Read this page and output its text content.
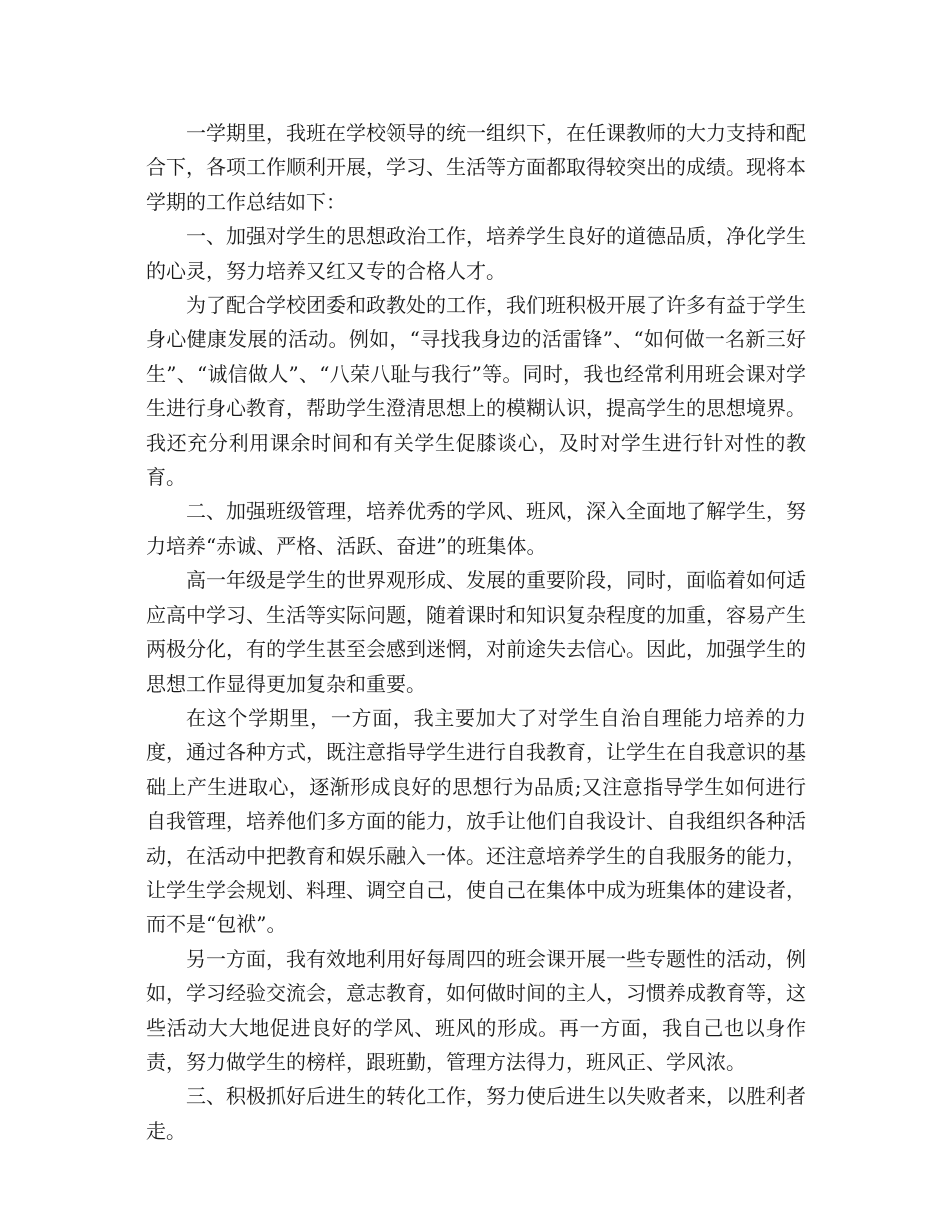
一学期里，我班在学校领导的统一组织下，在任课教师的大力支持和配合下，各项工作顺利开展，学习、生活等方面都取得较突出的成绩。现将本学期的工作总结如下：

一、加强对学生的思想政治工作，培养学生良好的道德品质，净化学生的心灵，努力培养又红又专的合格人才。

为了配合学校团委和政教处的工作，我们班积极开展了许多有益于学生身心健康发展的活动。例如，“寻找我身边的活雷锋”、“如何做一名新三好生”、“诚信做人”、“八荣八耻与我行”等。同时，我也经常利用班会课对学生进行身心教育，帮助学生澄清思想上的模糊认识，提高学生的思想境界。我还充分利用课余时间和有关学生促膝谈心，及时对学生进行针对性的教育。

二、加强班级管理，培养优秀的学风、班风，深入全面地了解学生，努力培养“赤诚、严格、活跃、奋进”的班集体。

高一年级是学生的世界观形成、发展的重要阶段，同时，面临着如何适应高中学习、生活等实际问题，随着课时和知识复杂程度的加重，容易产生两极分化，有的学生甚至会感到迷惘，对前途失去信心。因此，加强学生的思想工作显得更加复杂和重要。

在这个学期里，一方面，我主要加大了对学生自治自理能力培养的力度，通过各种方式，既注意指导学生进行自我教育，让学生在自我意识的基础上产生进取心，逐渐形成良好的思想行为品质;又注意指导学生如何进行自我管理，培养他们多方面的能力，放手让他们自我设计、自我组织各种活动，在活动中把教育和娱乐融入一体。还注意培养学生的自我服务的能力，让学生学会规划、料理、调空自己，使自己在集体中成为班集体的建设者，而不是“包袱”。

另一方面，我有效地利用好每周四的班会课开展一些专题性的活动，例如，学习经验交流会，意志教育，如何做时间的主人，习惯养成教育等，这些活动大大地促进良好的学风、班风的形成。再一方面，我自己也以身作责，努力做学生的榜样，跟班勤，管理方法得力，班风正、学风浓。

三、积极抓好后进生的转化工作，努力使后进生以失败者来，以胜利者走。
